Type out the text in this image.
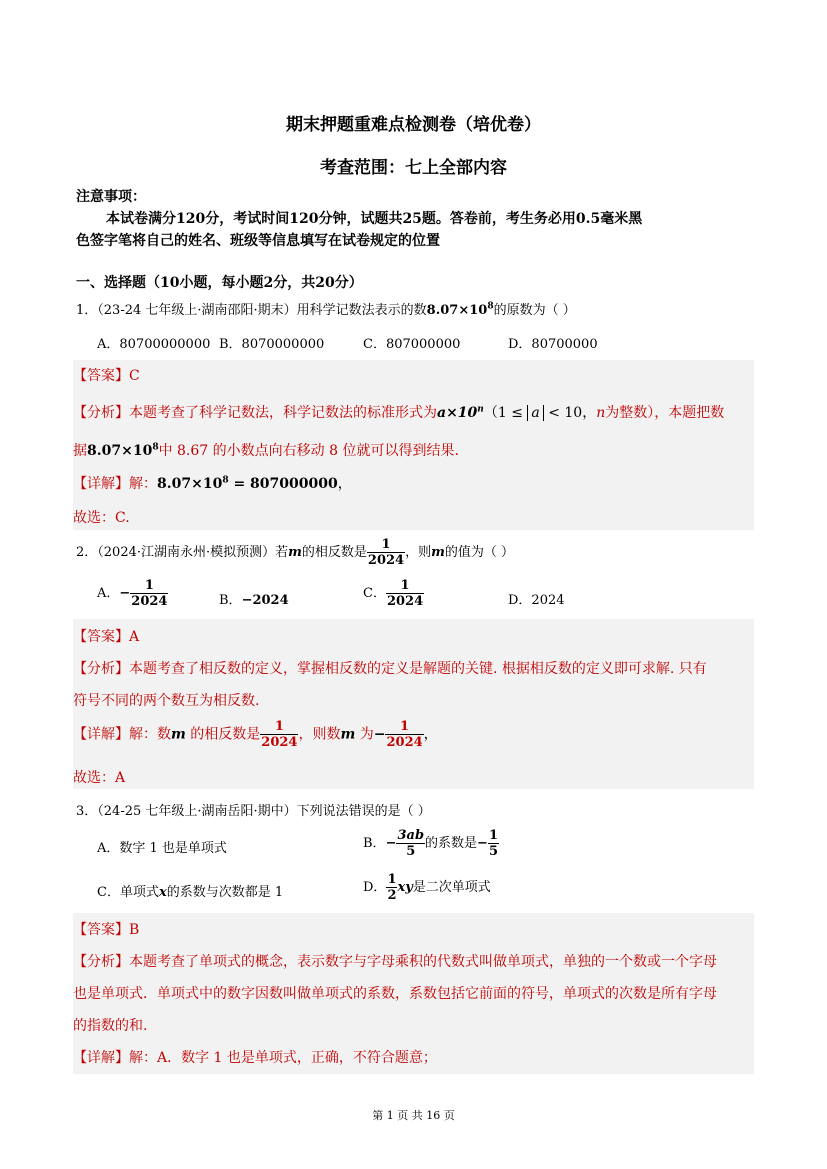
期末押题重难点检测卷（培优卷）
考查范围：七上全部内容
注意事项：
本试卷满分120分，考试时间120分钟，试题共25题。答卷前，考生务必用0.5毫米黑
色签字笔将自己的姓名、班级等信息填写在试卷规定的位置
一、选择题（10小题，每小题2分，共20分）
1．（23-24 七年级上·湖南邵阳·期末）用科学记数法表示的数$8.07\times 10^8$的原数为（ ）
A．80700000000 B．8070000000	C．807000000	D．80700000
【答案】C
【分析】本题考查了科学记数法，科学记数法的标准形式为$a\times 10^n(1 \le a < 10$，n为整数），本题把数
据$8.07\times 10^8$中 8.67 的小数点向右移动 8 位就可以得到结果.
【详解】解：$8.07\times 10^8 = 807000000$，
故选：C.
2．（2024·江湖南永州·模拟预测）若m的相反数是 $\frac{1}{2024}$ ，则m的值为（ ）
A．− $\frac{1}{2024}$	B．−2024	C． $\frac{1}{2024}$	D．2024
【答案】A
【分析】本题考查了相反数的定义，掌握相反数的定义是解题的关键. 根据相反数的定义即可求解. 只有
符号不同的两个数互为相反数.
【详解】解：数m 的相反数是 $\frac{1}{2024}$ ，则数m 为− $\frac{1}{2024}$ ，
故选：A
3．（24-25 七年级上·湖南岳阳·期中）下列说法错误的是（ ）
A．数字 1 也是单项式	B．− $\frac{3ab}{5}$ 的系数是− $\frac{1}{5}$
C．单项式x的系数与次数都是 1	D． $\frac{1}{2}$ xy是二次单项式
【答案】B
【分析】本题考查了单项式的概念，表示数字与字母乘积的代数式叫做单项式，单独的一个数或一个字母
也是单项式．单项式中的数字因数叫做单项式的系数，系数包括它前面的符号，单项式的次数是所有字母
的指数的和.
【详解】解：A．数字 1 也是单项式，正确，不符合题意；
第 1 页 共 16 页
